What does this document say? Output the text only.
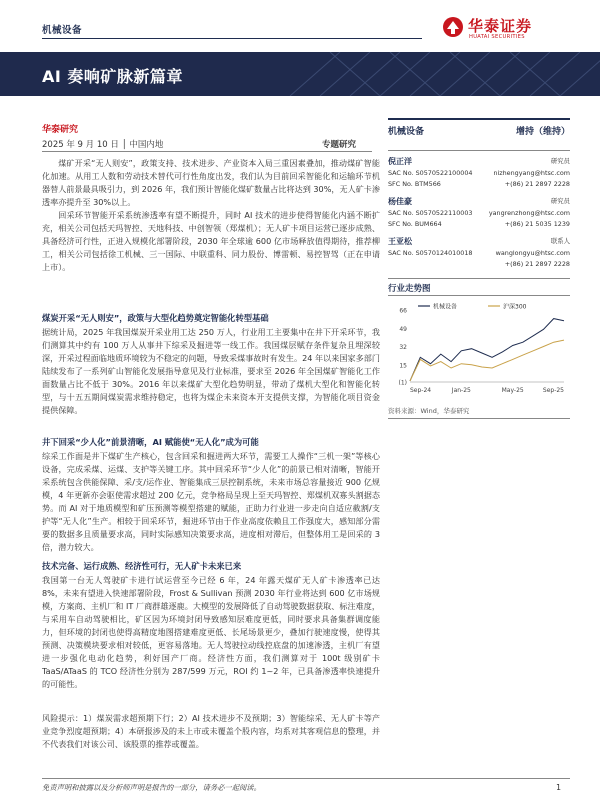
机械设备	华泰证券
HUATAI SECURITIES
AI 奏响矿脉新篇章
华泰研究
2025 年 9 月 10 日 │ 中国内地	专题研究

煤矿开采“无人则安”，政策支持、技术进步、产业资本入局三重因素叠加，推动煤矿智能化加速。从用工人数和劳动技术替代可行性角度出发，我们认为目前回采智能化和运输环节机器替人前景最具吸引力，到 2026 年，我们预计智能化煤矿数量占比将达到 30%，无人矿卡渗透率亦提升至 30%以上。

回采环节智能开采系统渗透率有望不断提升，同时 AI 技术的进步使得智能化内涵不断扩充，相关公司包括天玛智控、天地科技、中创智领（郑煤机）；无人矿卡项目运营已逐步成熟、具备经济可行性，正进入规模化部署阶段，2030 年全球逾 600 亿市场释放值得期待，推荐柳工，相关公司包括徐工机械、三一国际、中联重科、同力股份、博雷顿、易控智驾（正在申请上市）。

煤炭开采“无人则安”，政策与大型化趋势奠定智能化转型基础

据统计局，2025 年我国煤炭开采业用工达 250 万人，行业用工主要集中在井下开采环节，我们测算其中约有 100 万人从事井下综采及掘进等一线工作。我国煤层赋存条件复杂且埋深较深，开采过程面临地质环境较为不稳定的问题，导致采煤事故时有发生。24 年以来国家多部门陆续发布了一系列矿山智能化发展指导意见及行业标准，要求至 2026 年全国煤矿智能化工作面数量占比不低于 30%。2016 年以来煤矿大型化趋势明显，带动了煤机大型化和智能化转型，与十五五期间煤炭需求维持稳定，也将为煤企未来资本开支提供支撑，为智能化项目资金提供保障。

井下回采“少人化”前景清晰，AI 赋能使“无人化”成为可能

综采工作面是井下煤矿生产核心，包含回采和掘进两大环节，需要工人操作“三机一架”等核心设备，完成采煤、运煤、支护等关键工序。其中回采环节“少人化”的前景已相对清晰，智能开采系统包含供能保障、采/支/运作业、智能集成三层控制系统，未来市场总容量接近 900 亿规模，4 年更新亦会驱使需求超过 200 亿元，竞争格局呈现上至天玛智控、郑煤机双寡头割据态势。而 AI 对于地质模型和矿压预测等模型搭建的赋能，正助力行业进一步走向自适应截割/支护等“无人化”生产。相较于回采环节，掘进环节由于作业高度依赖且工作强度大，感知部分需要的数据多且质量要求高，同时实际感知决策要求高，进度相对滞后，但整体用工是回采的 3 倍，潜力较大。

技术完备、运行成熟、经济性可行，无人矿卡未来已来

我国第一台无人驾驶矿卡进行试运营至今已经 6 年，24 年露天煤矿无人矿卡渗透率已达 8%，未来有望进入快速部署阶段，Frost & Sullivan 预测 2030 年行业将达到 600 亿市场规模，方案商、主机厂和 IT 厂商群雄逐鹿。大模型的发展降低了自动驾驶数据获取、标注难度，与采用车自动驾驶相比，矿区因为环境封闭导致感知层难度更低，同时要求具备集群调度能力，但环境的封闭也使得高精度地图搭建难度更低、长尾场景更少，叠加行驶速度慢，使得其预测、决策模块要求相对较低，更容易落地。无人驾驶拉动线控底盘的加速渗透，主机厂有望进一步强化电动化趋势，利好国产厂商。经济性方面，我们测算对于 100t 级别矿卡 TaaS/ATaaS 的 TCO 经济性分别为 287/599 万元，ROI 约 1~2 年，已具备渗透率快速提升的可能性。

风险提示：1）煤炭需求超预期下行；2）AI 技术进步不及预期；3）智能综采、无人矿卡等产业竞争烈度超预期；4）本研报涉及的未上市或未覆盖个股内容，均系对其客观信息的整理，并不代表我们对该公司、该股票的推荐或覆盖。

机械设备	增持（维持）
倪正洋	研究员
SAC No. S0570522100004	nizhengyang@htsc.com
SFC No. BTM566	+(86) 21 2897 2228
杨佳豪	研究员
SAC No. S0570522110003	yangrenzhong@htsc.com
SFC No. BUM664	+(86) 21 5035 1239
王亚松	联系人
SAC No. S0570124010018	wanglongyu@htsc.com
+(86) 21 2897 2228
行业走势图
66
49
32
15
(1)
Sep-24	Jan-25	May-25	Sep-25
机械设备	沪深300
资料来源：Wind，华泰研究
免责声明和披露以及分析师声明是报告的一部分，请务必一起阅读。	1
